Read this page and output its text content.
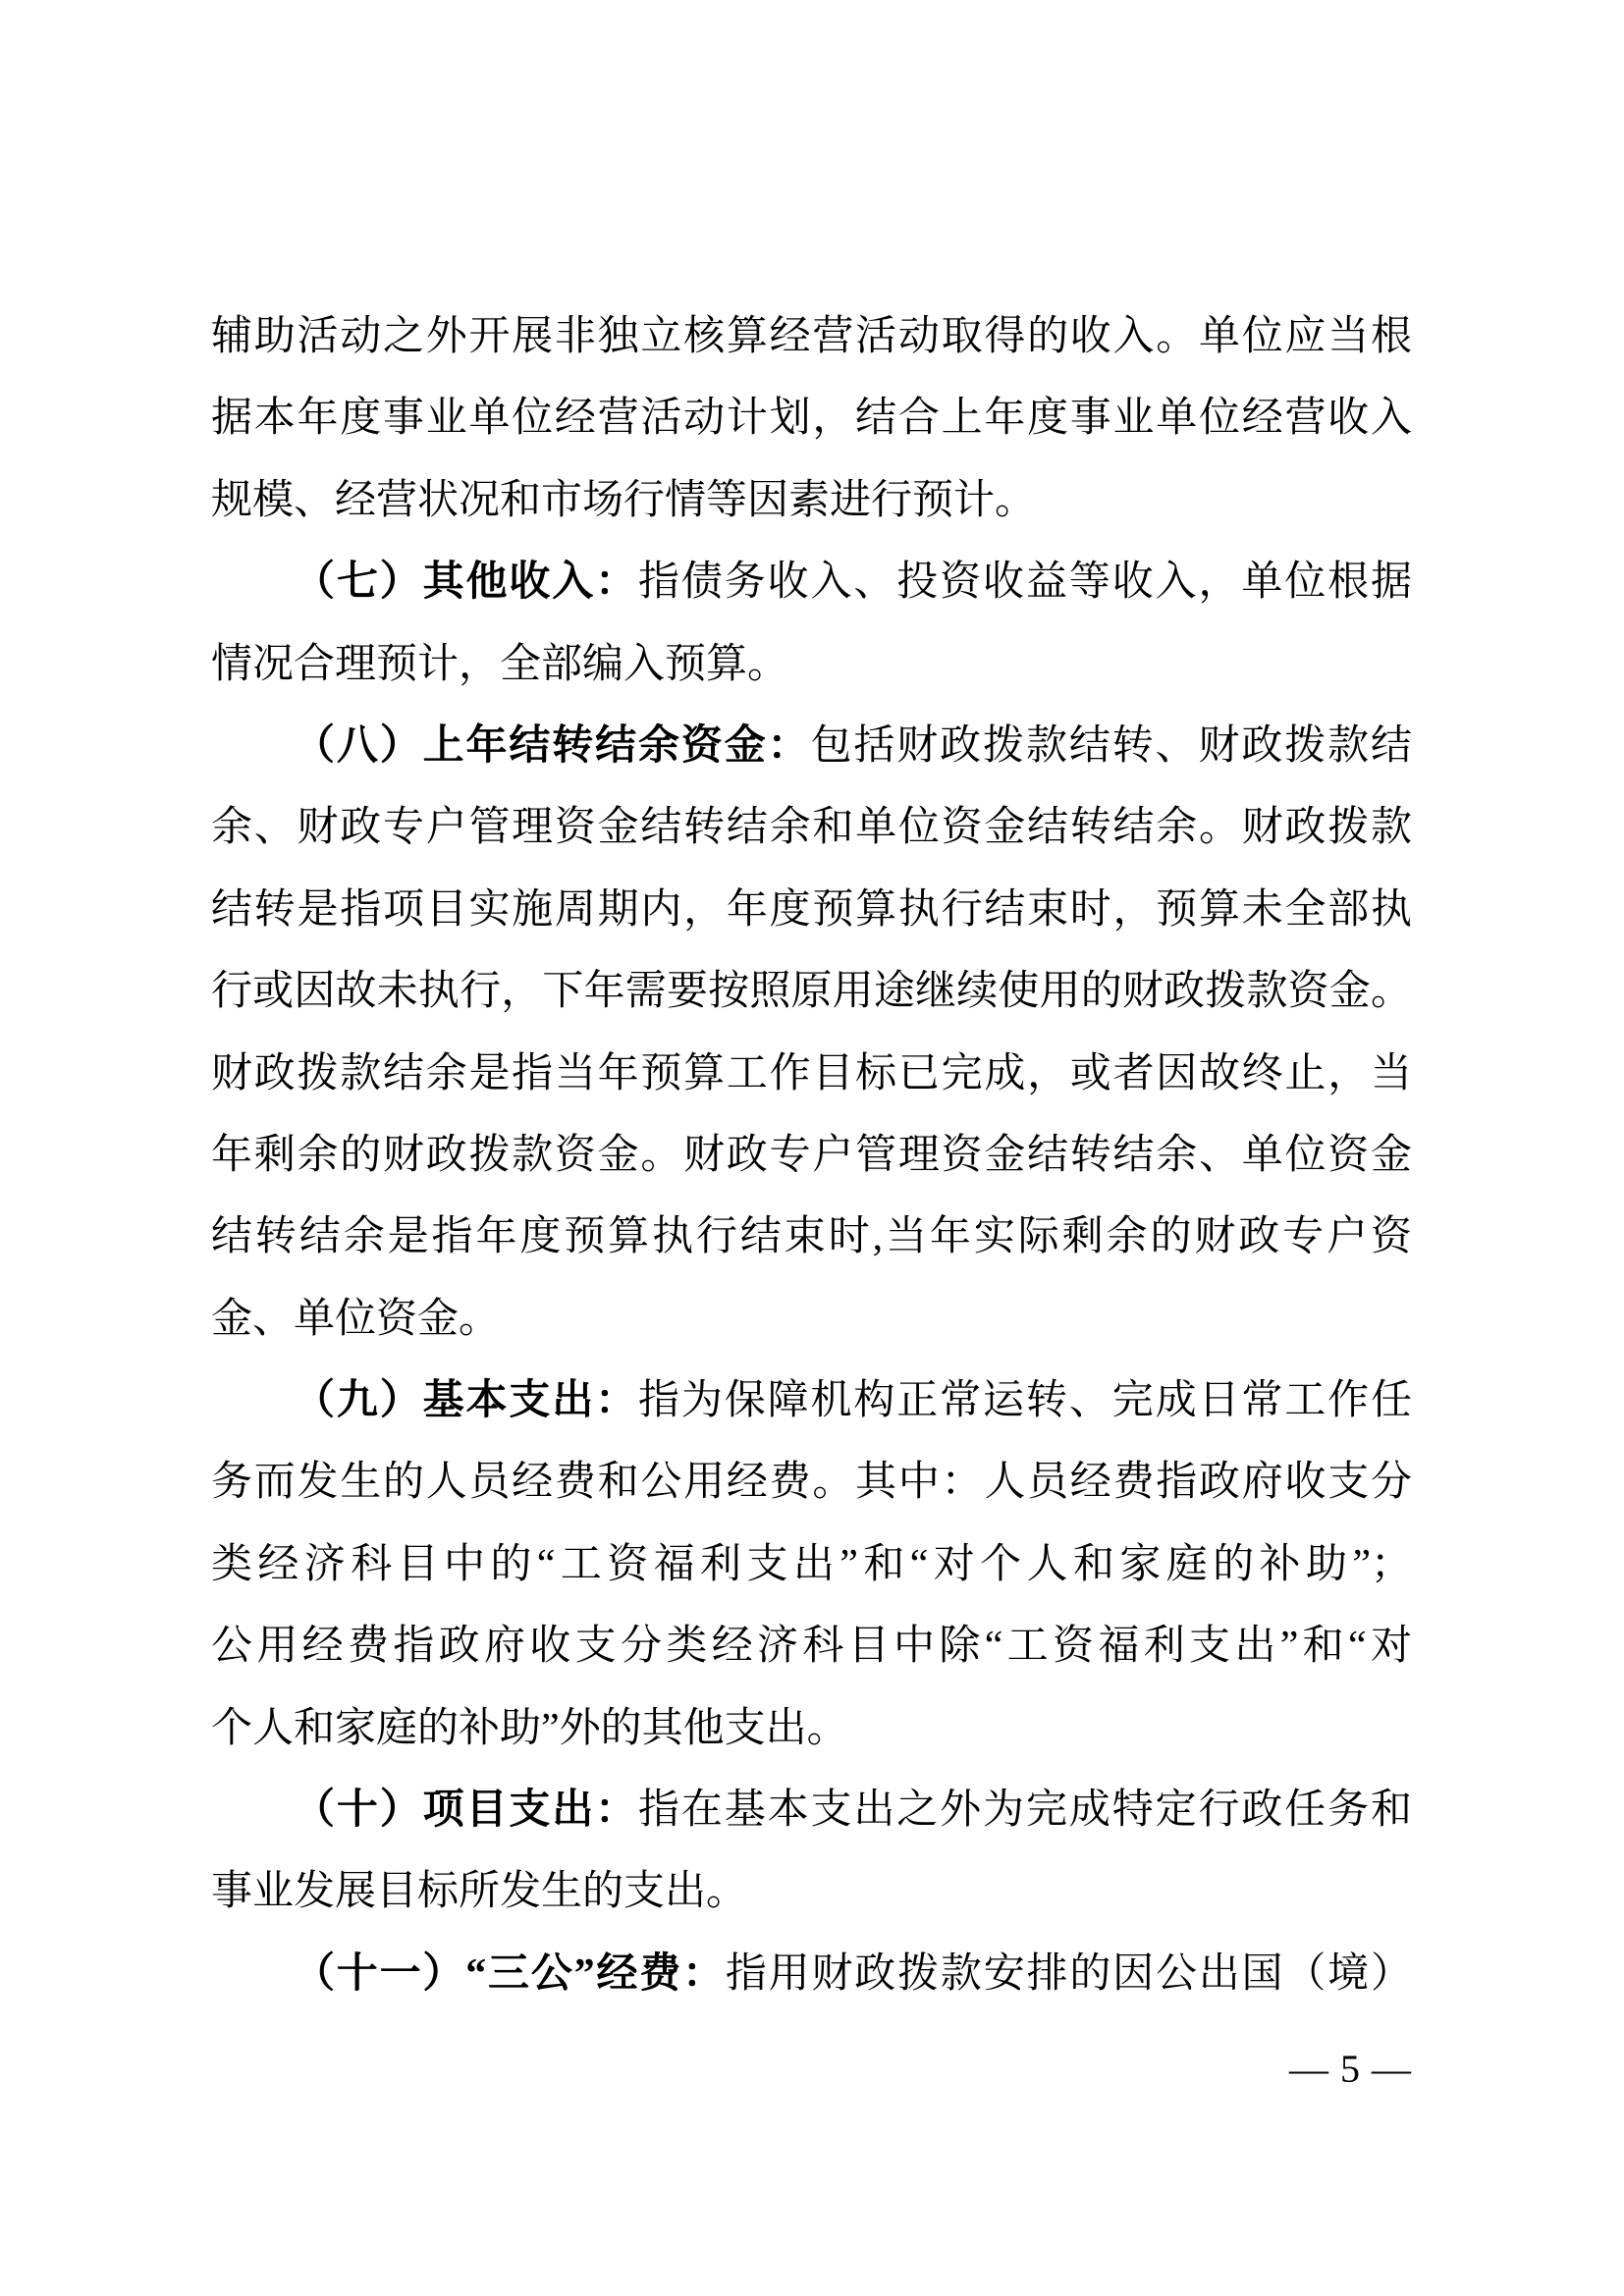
辅助活动之外开展非独立核算经营活动取得的收入。单位应当根
据本年度事业单位经营活动计划，结合上年度事业单位经营收入
规模、经营状况和市场行情等因素进行预计。
（七）其他收入：指债务收入、投资收益等收入，单位根据
情况合理预计，全部编入预算。
（八）上年结转结余资金：包括财政拨款结转、财政拨款结
余、财政专户管理资金结转结余和单位资金结转结余。财政拨款
结转是指项目实施周期内，年度预算执行结束时，预算未全部执
行或因故未执行，下年需要按照原用途继续使用的财政拨款资金。
财政拨款结余是指当年预算工作目标已完成，或者因故终止，当
年剩余的财政拨款资金。财政专户管理资金结转结余、单位资金
结转结余是指年度预算执行结束时,当年实际剩余的财政专户资
金、单位资金。
（九）基本支出：指为保障机构正常运转、完成日常工作任
务而发生的人员经费和公用经费。其中：人员经费指政府收支分
类经济科目中的“工资福利支出”和“对个人和家庭的补助”；
公用经费指政府收支分类经济科目中除“工资福利支出”和“对
个人和家庭的补助”外的其他支出。
（十）项目支出：指在基本支出之外为完成特定行政任务和
事业发展目标所发生的支出。
（十一）“三公”经费：指用财政拨款安排的因公出国（境）
— 5 —
